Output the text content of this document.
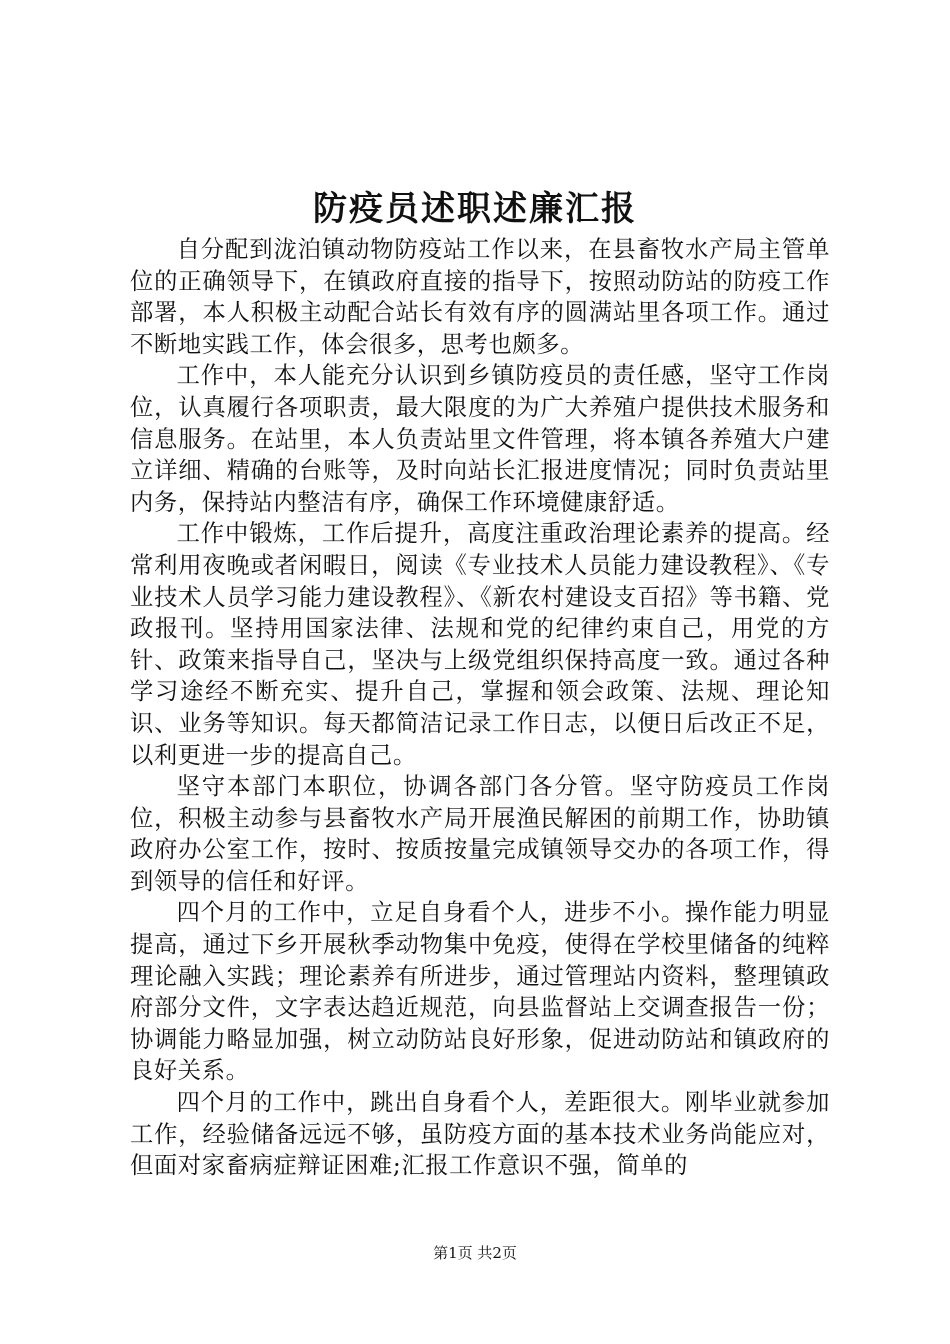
防疫员述职述廉汇报

自分配到泷泊镇动物防疫站工作以来，在县畜牧水产局主管单位的正确领导下，在镇政府直接的指导下，按照动防站的防疫工作部署，本人积极主动配合站长有效有序的圆满站里各项工作。通过不断地实践工作，体会很多，思考也颇多。

工作中，本人能充分认识到乡镇防疫员的责任感，坚守工作岗位，认真履行各项职责，最大限度的为广大养殖户提供技术服务和信息服务。在站里，本人负责站里文件管理，将本镇各养殖大户建立详细、精确的台账等，及时向站长汇报进度情况；同时负责站里内务，保持站内整洁有序，确保工作环境健康舒适。

工作中锻炼，工作后提升，高度注重政治理论素养的提高。经常利用夜晚或者闲暇日，阅读《专业技术人员能力建设教程》、《专业技术人员学习能力建设教程》、《新农村建设支百招》等书籍、党政报刊。坚持用国家法律、法规和党的纪律约束自己，用党的方针、政策来指导自己，坚决与上级党组织保持高度一致。通过各种学习途经不断充实、提升自己，掌握和领会政策、法规、理论知识、业务等知识。每天都简洁记录工作日志，以便日后改正不足，以利更进一步的提高自己。

坚守本部门本职位，协调各部门各分管。坚守防疫员工作岗位，积极主动参与县畜牧水产局开展渔民解困的前期工作，协助镇政府办公室工作，按时、按质按量完成镇领导交办的各项工作，得到领导的信任和好评。

四个月的工作中，立足自身看个人，进步不小。操作能力明显提高，通过下乡开展秋季动物集中免疫，使得在学校里储备的纯粹理论融入实践；理论素养有所进步，通过管理站内资料，整理镇政府部分文件，文字表达趋近规范，向县监督站上交调查报告一份；协调能力略显加强，树立动防站良好形象，促进动防站和镇政府的良好关系。

四个月的工作中，跳出自身看个人，差距很大。刚毕业就参加工作，经验储备远远不够，虽防疫方面的基本技术业务尚能应对，但面对家畜病症辩证困难;汇报工作意识不强，简单的

第1页 共2页
